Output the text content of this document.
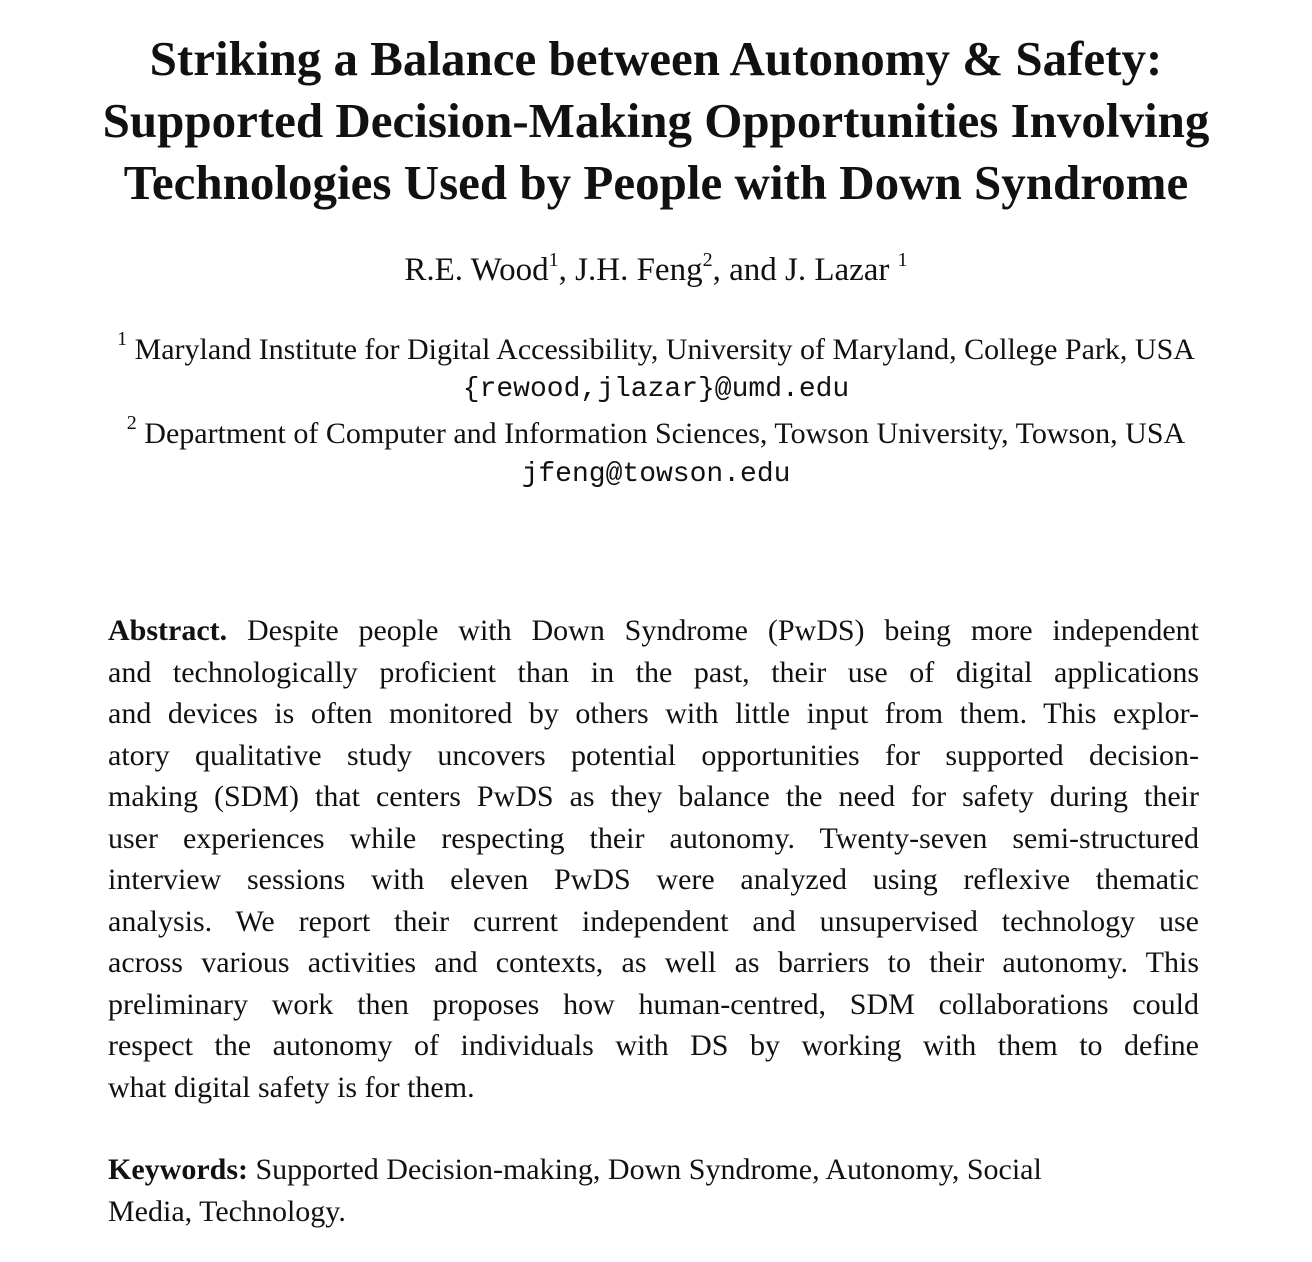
Striking a Balance between Autonomy & Safety:
Supported Decision-Making Opportunities Involving
Technologies Used by People with Down Syndrome
R.E. Wood$^1$, J.H. Feng$^2$, and J. Lazar $^1$
$^1$ Maryland Institute for Digital Accessibility, University of Maryland, College Park, USA
{rewood,jlazar}@umd.edu
$^2$ Department of Computer and Information Sciences, Towson University, Towson, USA
jfeng@towson.edu
Abstract. Despite people with Down Syndrome (PwDS) being more independent
and technologically proficient than in the past, their use of digital applications
and devices is often monitored by others with little input from them. This explor-
atory qualitative study uncovers potential opportunities for supported decision-
making (SDM) that centers PwDS as they balance the need for safety during their
user experiences while respecting their autonomy. Twenty-seven semi-structured
interview sessions with eleven PwDS were analyzed using reflexive thematic
analysis. We report their current independent and unsupervised technology use
across various activities and contexts, as well as barriers to their autonomy. This
preliminary work then proposes how human-centred, SDM collaborations could
respect the autonomy of individuals with DS by working with them to define
what digital safety is for them.
Keywords: Supported Decision-making, Down Syndrome, Autonomy, Social
Media, Technology.
